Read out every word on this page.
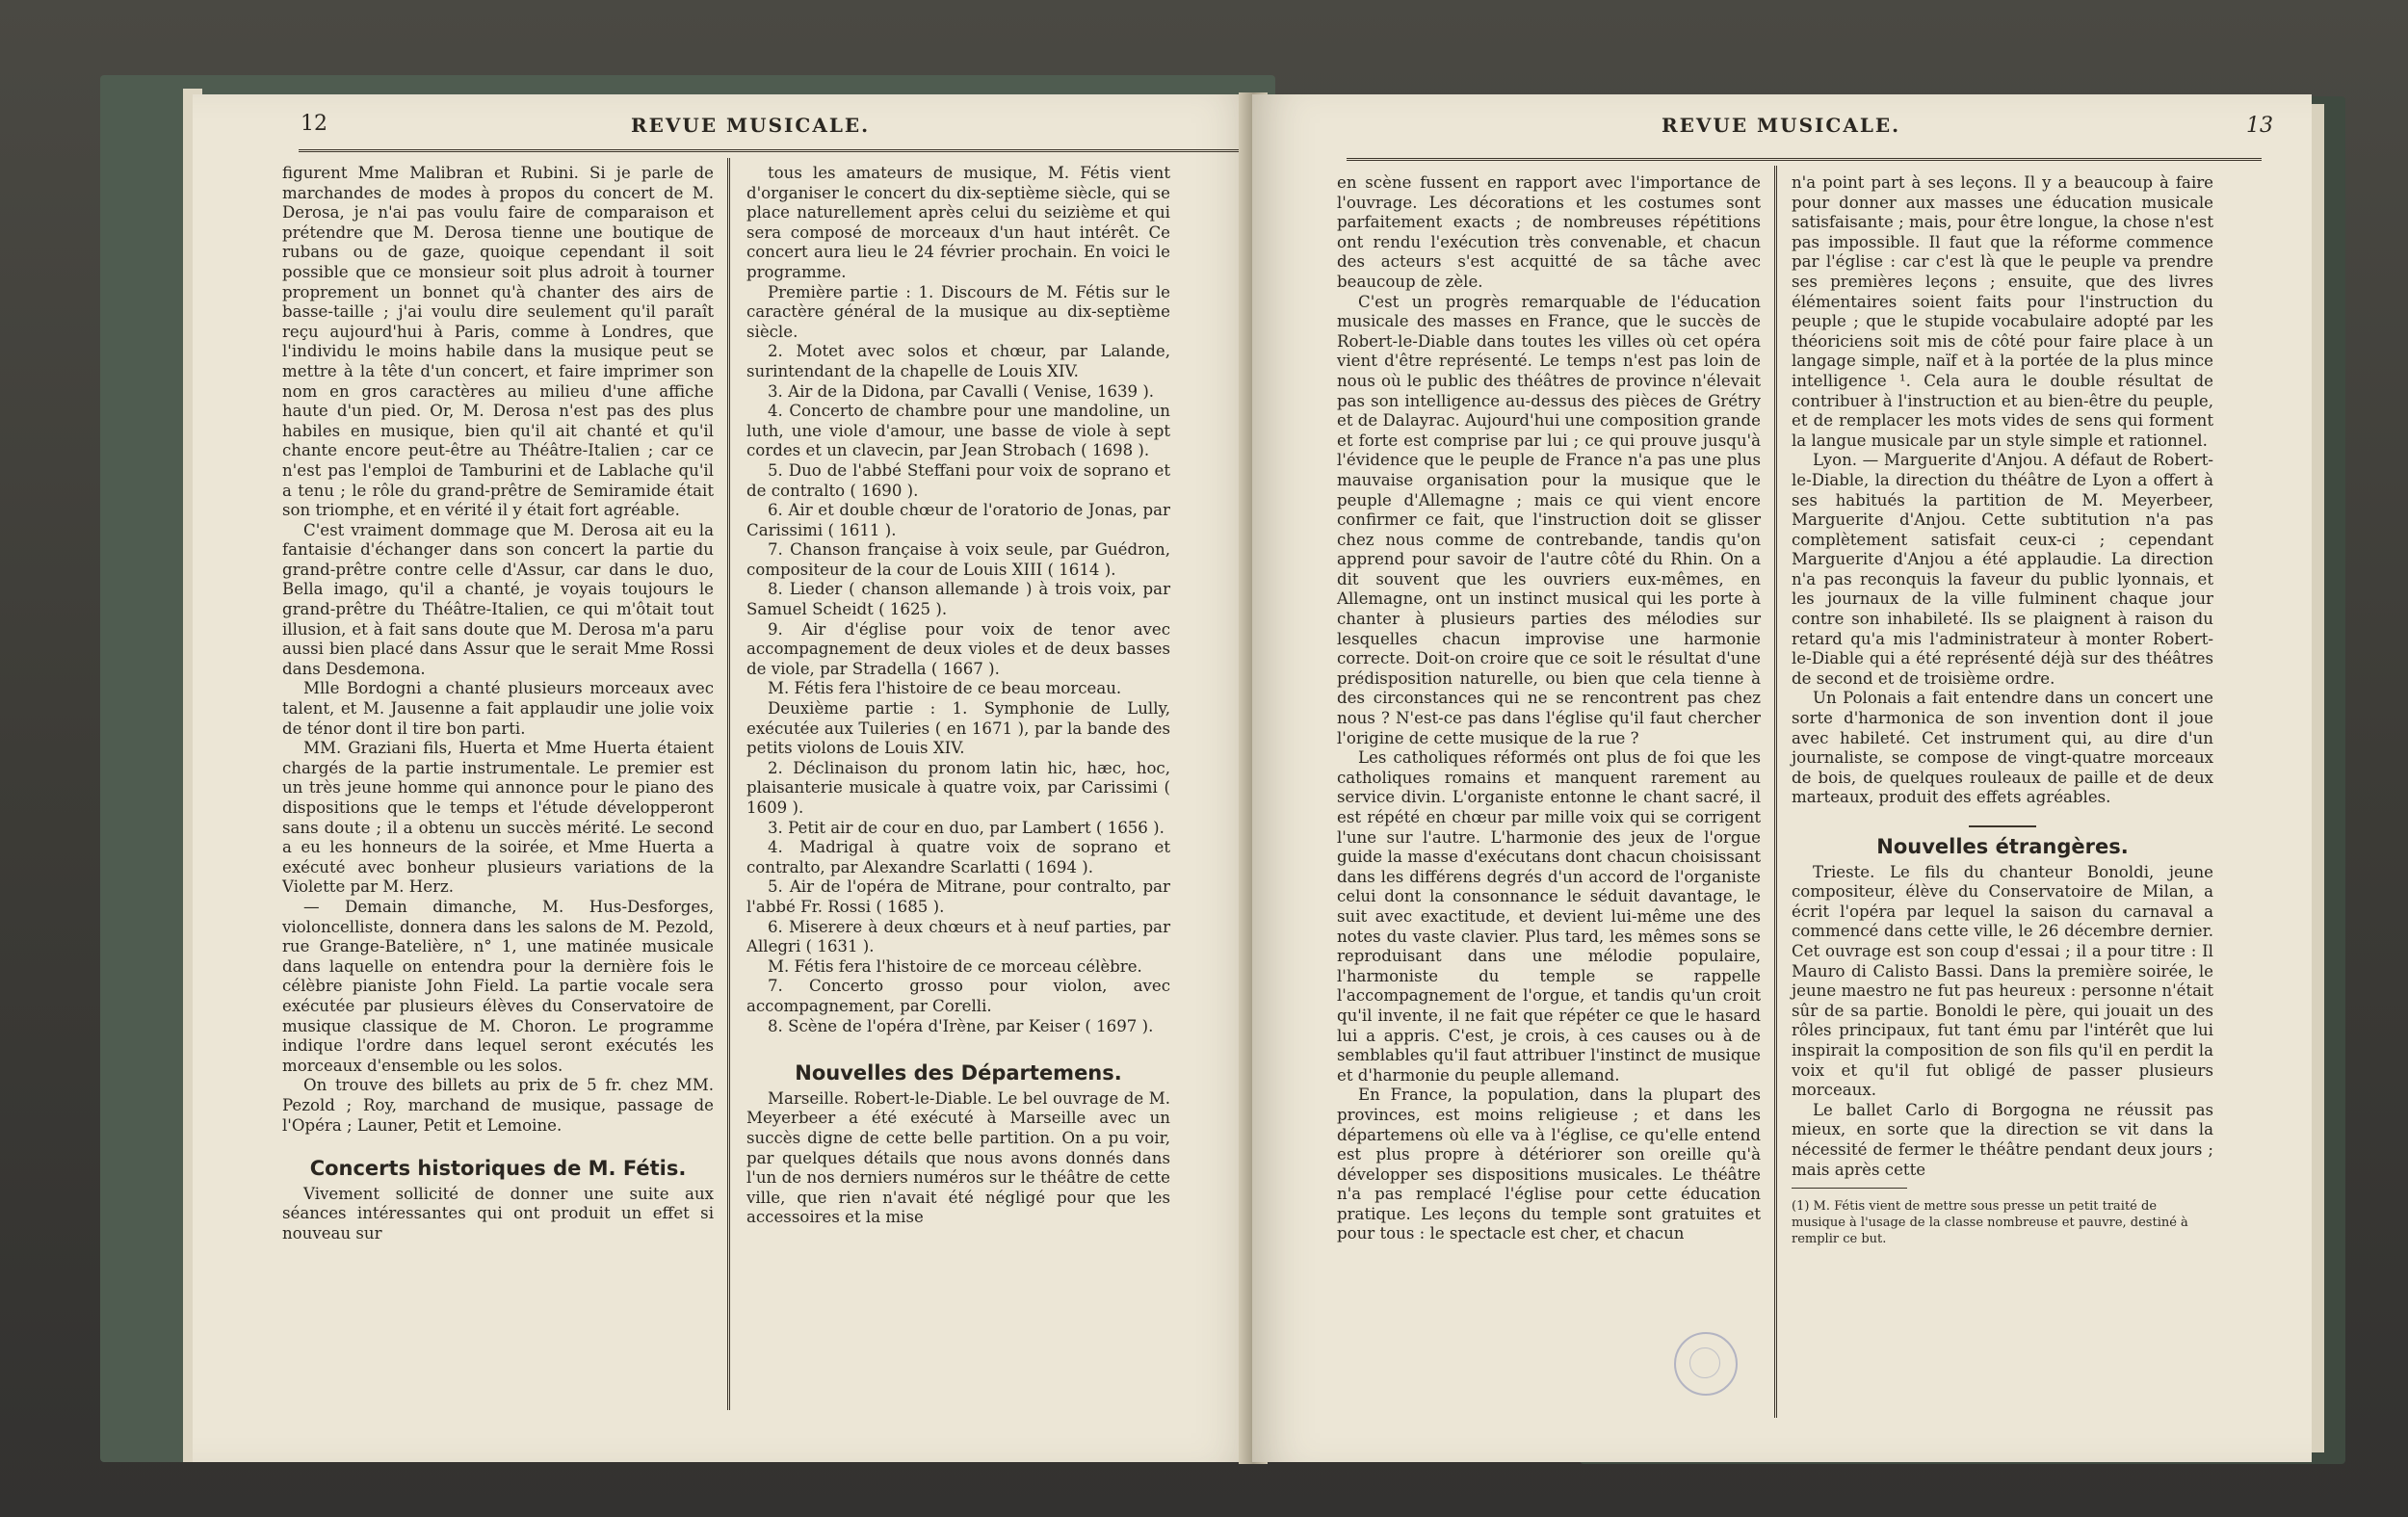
12	REVUE MUSICALE.

figurent Mme Malibran et Rubini. Si je parle de marchandes de modes à propos du concert de M. Derosa, je n'ai pas voulu faire de comparaison et prétendre que M. Derosa tienne une boutique de rubans ou de gaze, quoique cependant il soit possible que ce monsieur soit plus adroit à tourner proprement un bonnet qu'à chanter des airs de basse-taille ; j'ai voulu dire seulement qu'il paraît reçu aujourd'hui à Paris, comme à Londres, que l'individu le moins habile dans la musique peut se mettre à la tête d'un concert, et faire imprimer son nom en gros caractères au milieu d'une affiche haute d'un pied. Or, M. Derosa n'est pas des plus habiles en musique, bien qu'il ait chanté et qu'il chante encore peut-être au Théâtre-Italien ; car ce n'est pas l'emploi de Tamburini et de Lablache qu'il a tenu ; le rôle du grand-prêtre de Semiramide était son triomphe, et en vérité il y était fort agréable.

C'est vraiment dommage que M. Derosa ait eu la fantaisie d'échanger dans son concert la partie du grand-prêtre contre celle d'Assur, car dans le duo, Bella imago, qu'il a chanté, je voyais toujours le grand-prêtre du Théâtre-Italien, ce qui m'ôtait tout illusion, et à fait sans doute que M. Derosa m'a paru aussi bien placé dans Assur que le serait Mme Rossi dans Desdemona.

Mlle Bordogni a chanté plusieurs morceaux avec talent, et M. Jausenne a fait applaudir une jolie voix de ténor dont il tire bon parti.

MM. Graziani fils, Huerta et Mme Huerta étaient chargés de la partie instrumentale. Le premier est un très jeune homme qui annonce pour le piano des dispositions que le temps et l'étude développeront sans doute ; il a obtenu un succès mérité. Le second a eu les honneurs de la soirée, et Mme Huerta a exécuté avec bonheur plusieurs variations de la Violette par M. Herz.

— Demain dimanche, M. Hus-Desforges, violoncelliste, donnera dans les salons de M. Pezold, rue Grange-Batelière, n° 1, une matinée musicale dans laquelle on entendra pour la dernière fois le célèbre pianiste John Field. La partie vocale sera exécutée par plusieurs élèves du Conservatoire de musique classique de M. Choron. Le programme indique l'ordre dans lequel seront exécutés les morceaux d'ensemble ou les solos.

On trouve des billets au prix de 5 fr. chez MM. Pezold ; Roy, marchand de musique, passage de l'Opéra ; Launer, Petit et Lemoine.

Concerts historiques de M. Fétis.

Vivement sollicité de donner une suite aux séances intéressantes qui ont produit un effet si nouveau sur

tous les amateurs de musique, M. Fétis vient d'organiser le concert du dix-septième siècle, qui se place naturellement après celui du seizième et qui sera composé de morceaux d'un haut intérêt. Ce concert aura lieu le 24 février prochain. En voici le programme.

Première partie : 1. Discours de M. Fétis sur le caractère général de la musique au dix-septième siècle.

2. Motet avec solos et chœur, par Lalande, surintendant de la chapelle de Louis XIV.

3. Air de la Didona, par Cavalli ( Venise, 1639 ).

4. Concerto de chambre pour une mandoline, un luth, une viole d'amour, une basse de viole à sept cordes et un clavecin, par Jean Strobach ( 1698 ).

5. Duo de l'abbé Steffani pour voix de soprano et de contralto ( 1690 ).

6. Air et double chœur de l'oratorio de Jonas, par Carissimi ( 1611 ).

7. Chanson française à voix seule, par Guédron, compositeur de la cour de Louis XIII ( 1614 ).

8. Lieder ( chanson allemande ) à trois voix, par Samuel Scheidt ( 1625 ).

9. Air d'église pour voix de tenor avec accompagnement de deux violes et de deux basses de viole, par Stradella ( 1667 ).

M. Fétis fera l'histoire de ce beau morceau.

Deuxième partie : 1. Symphonie de Lully, exécutée aux Tuileries ( en 1671 ), par la bande des petits violons de Louis XIV.

2. Déclinaison du pronom latin hic, hæc, hoc, plaisanterie musicale à quatre voix, par Carissimi ( 1609 ).

3. Petit air de cour en duo, par Lambert ( 1656 ).

4. Madrigal à quatre voix de soprano et contralto, par Alexandre Scarlatti ( 1694 ).

5. Air de l'opéra de Mitrane, pour contralto, par l'abbé Fr. Rossi ( 1685 ).

6. Miserere à deux chœurs et à neuf parties, par Allegri ( 1631 ).

M. Fétis fera l'histoire de ce morceau célèbre.

7. Concerto grosso pour violon, avec accompagnement, par Corelli.

8. Scène de l'opéra d'Irène, par Keiser ( 1697 ).

Nouvelles des Départemens.

Marseille. Robert-le-Diable. Le bel ouvrage de M. Meyerbeer a été exécuté à Marseille avec un succès digne de cette belle partition. On a pu voir, par quelques détails que nous avons donnés dans l'un de nos derniers numéros sur le théâtre de cette ville, que rien n'avait été négligé pour que les accessoires et la mise

REVUE MUSICALE.	13

en scène fussent en rapport avec l'importance de l'ouvrage. Les décorations et les costumes sont parfaitement exacts ; de nombreuses répétitions ont rendu l'exécution très convenable, et chacun des acteurs s'est acquitté de sa tâche avec beaucoup de zèle.

C'est un progrès remarquable de l'éducation musicale des masses en France, que le succès de Robert-le-Diable dans toutes les villes où cet opéra vient d'être représenté. Le temps n'est pas loin de nous où le public des théâtres de province n'élevait pas son intelligence au-dessus des pièces de Grétry et de Dalayrac. Aujourd'hui une composition grande et forte est comprise par lui ; ce qui prouve jusqu'à l'évidence que le peuple de France n'a pas une plus mauvaise organisation pour la musique que le peuple d'Allemagne ; mais ce qui vient encore confirmer ce fait, que l'instruction doit se glisser chez nous comme de contrebande, tandis qu'on apprend pour savoir de l'autre côté du Rhin. On a dit souvent que les ouvriers eux-mêmes, en Allemagne, ont un instinct musical qui les porte à chanter à plusieurs parties des mélodies sur lesquelles chacun improvise une harmonie correcte. Doit-on croire que ce soit le résultat d'une prédisposition naturelle, ou bien que cela tienne à des circonstances qui ne se rencontrent pas chez nous ? N'est-ce pas dans l'église qu'il faut chercher l'origine de cette musique de la rue ?

Les catholiques réformés ont plus de foi que les catholiques romains et manquent rarement au service divin. L'organiste entonne le chant sacré, il est répété en chœur par mille voix qui se corrigent l'une sur l'autre. L'harmonie des jeux de l'orgue guide la masse d'exécutans dont chacun choisissant dans les différens degrés d'un accord de l'organiste celui dont la consonnance le séduit davantage, le suit avec exactitude, et devient lui-même une des notes du vaste clavier. Plus tard, les mêmes sons se reproduisant dans une mélodie populaire, l'harmoniste du temple se rappelle l'accompagnement de l'orgue, et tandis qu'un croit qu'il invente, il ne fait que répéter ce que le hasard lui a appris. C'est, je crois, à ces causes ou à de semblables qu'il faut attribuer l'instinct de musique et d'harmonie du peuple allemand.

En France, la population, dans la plupart des provinces, est moins religieuse ; et dans les départemens où elle va à l'église, ce qu'elle entend est plus propre à détériorer son oreille qu'à développer ses dispositions musicales. Le théâtre n'a pas remplacé l'église pour cette éducation pratique. Les leçons du temple sont gratuites et pour tous : le spectacle est cher, et chacun

n'a point part à ses leçons. Il y a beaucoup à faire pour donner aux masses une éducation musicale satisfaisante ; mais, pour être longue, la chose n'est pas impossible. Il faut que la réforme commence par l'église : car c'est là que le peuple va prendre ses premières leçons ; ensuite, que des livres élémentaires soient faits pour l'instruction du peuple ; que le stupide vocabulaire adopté par les théoriciens soit mis de côté pour faire place à un langage simple, naïf et à la portée de la plus mince intelligence ¹. Cela aura le double résultat de contribuer à l'instruction et au bien-être du peuple, et de remplacer les mots vides de sens qui forment la langue musicale par un style simple et rationnel.

Lyon. — Marguerite d'Anjou. A défaut de Robert-le-Diable, la direction du théâtre de Lyon a offert à ses habitués la partition de M. Meyerbeer, Marguerite d'Anjou. Cette subtitution n'a pas complètement satisfait ceux-ci ; cependant Marguerite d'Anjou a été applaudie. La direction n'a pas reconquis la faveur du public lyonnais, et les journaux de la ville fulminent chaque jour contre son inhabileté. Ils se plaignent à raison du retard qu'a mis l'administrateur à monter Robert-le-Diable qui a été représenté déjà sur des théâtres de second et de troisième ordre.

Un Polonais a fait entendre dans un concert une sorte d'harmonica de son invention dont il joue avec habileté. Cet instrument qui, au dire d'un journaliste, se compose de vingt-quatre morceaux de bois, de quelques rouleaux de paille et de deux marteaux, produit des effets agréables.

Nouvelles étrangères.

Trieste. Le fils du chanteur Bonoldi, jeune compositeur, élève du Conservatoire de Milan, a écrit l'opéra par lequel la saison du carnaval a commencé dans cette ville, le 26 décembre dernier. Cet ouvrage est son coup d'essai ; il a pour titre : Il Mauro di Calisto Bassi. Dans la première soirée, le jeune maestro ne fut pas heureux : personne n'était sûr de sa partie. Bonoldi le père, qui jouait un des rôles principaux, fut tant ému par l'intérêt que lui inspirait la composition de son fils qu'il en perdit la voix et qu'il fut obligé de passer plusieurs morceaux.

Le ballet Carlo di Borgogna ne réussit pas mieux, en sorte que la direction se vit dans la nécessité de fermer le théâtre pendant deux jours ; mais après cette

(1) M. Fétis vient de mettre sous presse un petit traité de musique à l'usage de la classe nombreuse et pauvre, destiné à remplir ce but.
